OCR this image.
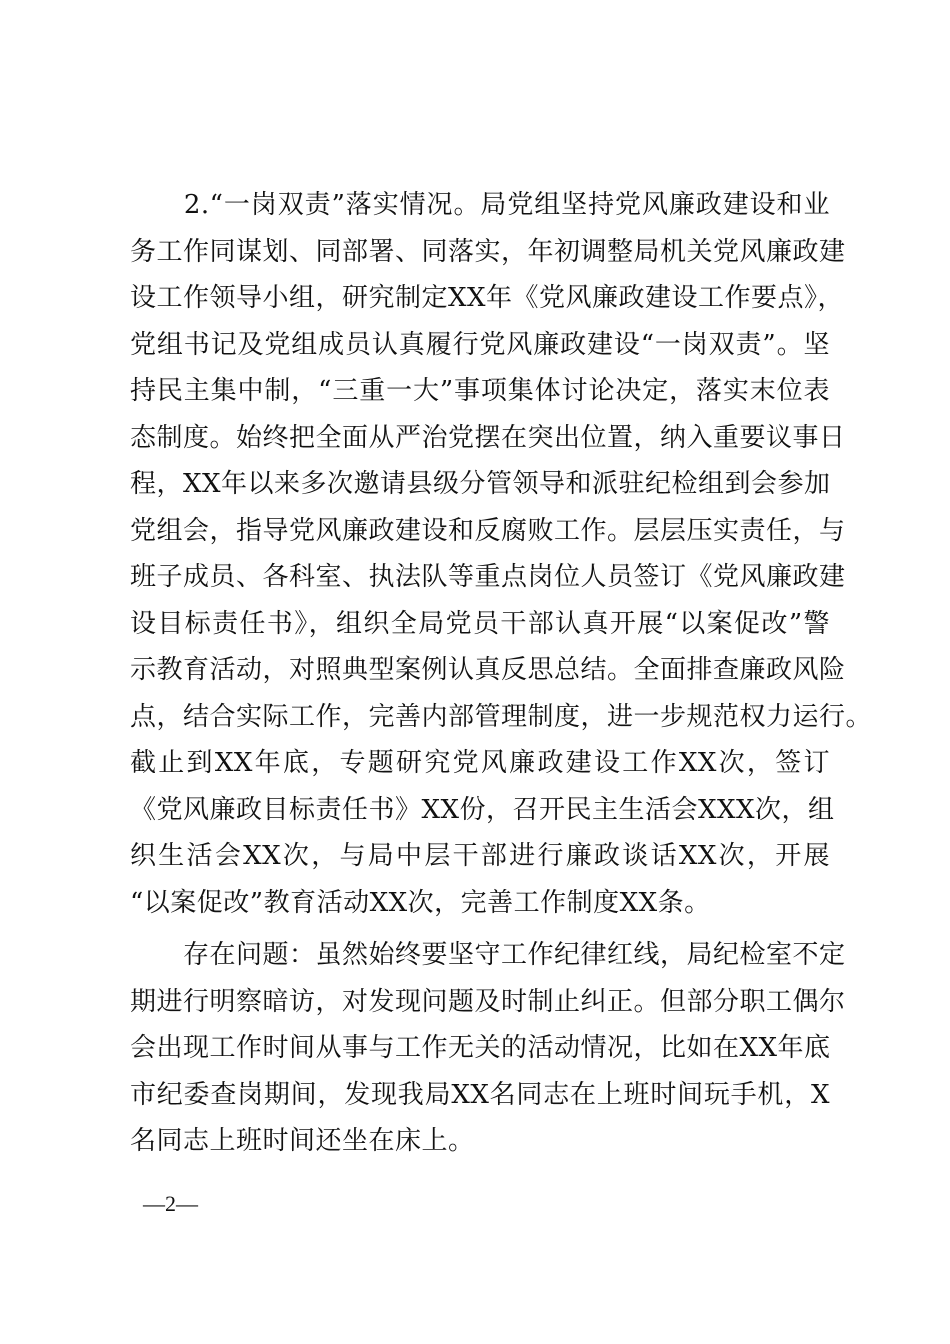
　　2.“一岗双责”落实情况。局党组坚持党风廉政建设和业
务工作同谋划、同部署、同落实，年初调整局机关党风廉政建
设工作领导小组，研究制定XX年《党风廉政建设工作要点》，
党组书记及党组成员认真履行党风廉政建设“一岗双责”。坚
持民主集中制，“三重一大”事项集体讨论决定，落实末位表
态制度。始终把全面从严治党摆在突出位置，纳入重要议事日
程，XX年以来多次邀请县级分管领导和派驻纪检组到会参加
党组会，指导党风廉政建设和反腐败工作。层层压实责任，与
班子成员、各科室、执法队等重点岗位人员签订《党风廉政建
设目标责任书》，组织全局党员干部认真开展“以案促改”警
示教育活动，对照典型案例认真反思总结。全面排查廉政风险
点，结合实际工作，完善内部管理制度，进一步规范权力运行。
截止到XX年底，专题研究党风廉政建设工作XX次，签订
《党风廉政目标责任书》XX份，召开民主生活会XXX次，组
织生活会XX次，与局中层干部进行廉政谈话XX次，开展
“以案促改”教育活动XX次，完善工作制度XX条。
　　存在问题：虽然始终要坚守工作纪律红线，局纪检室不定
期进行明察暗访，对发现问题及时制止纠正。但部分职工偶尔
会出现工作时间从事与工作无关的活动情况，比如在XX年底
市纪委查岗期间，发现我局XX名同志在上班时间玩手机，X
名同志上班时间还坐在床上。
—2—
